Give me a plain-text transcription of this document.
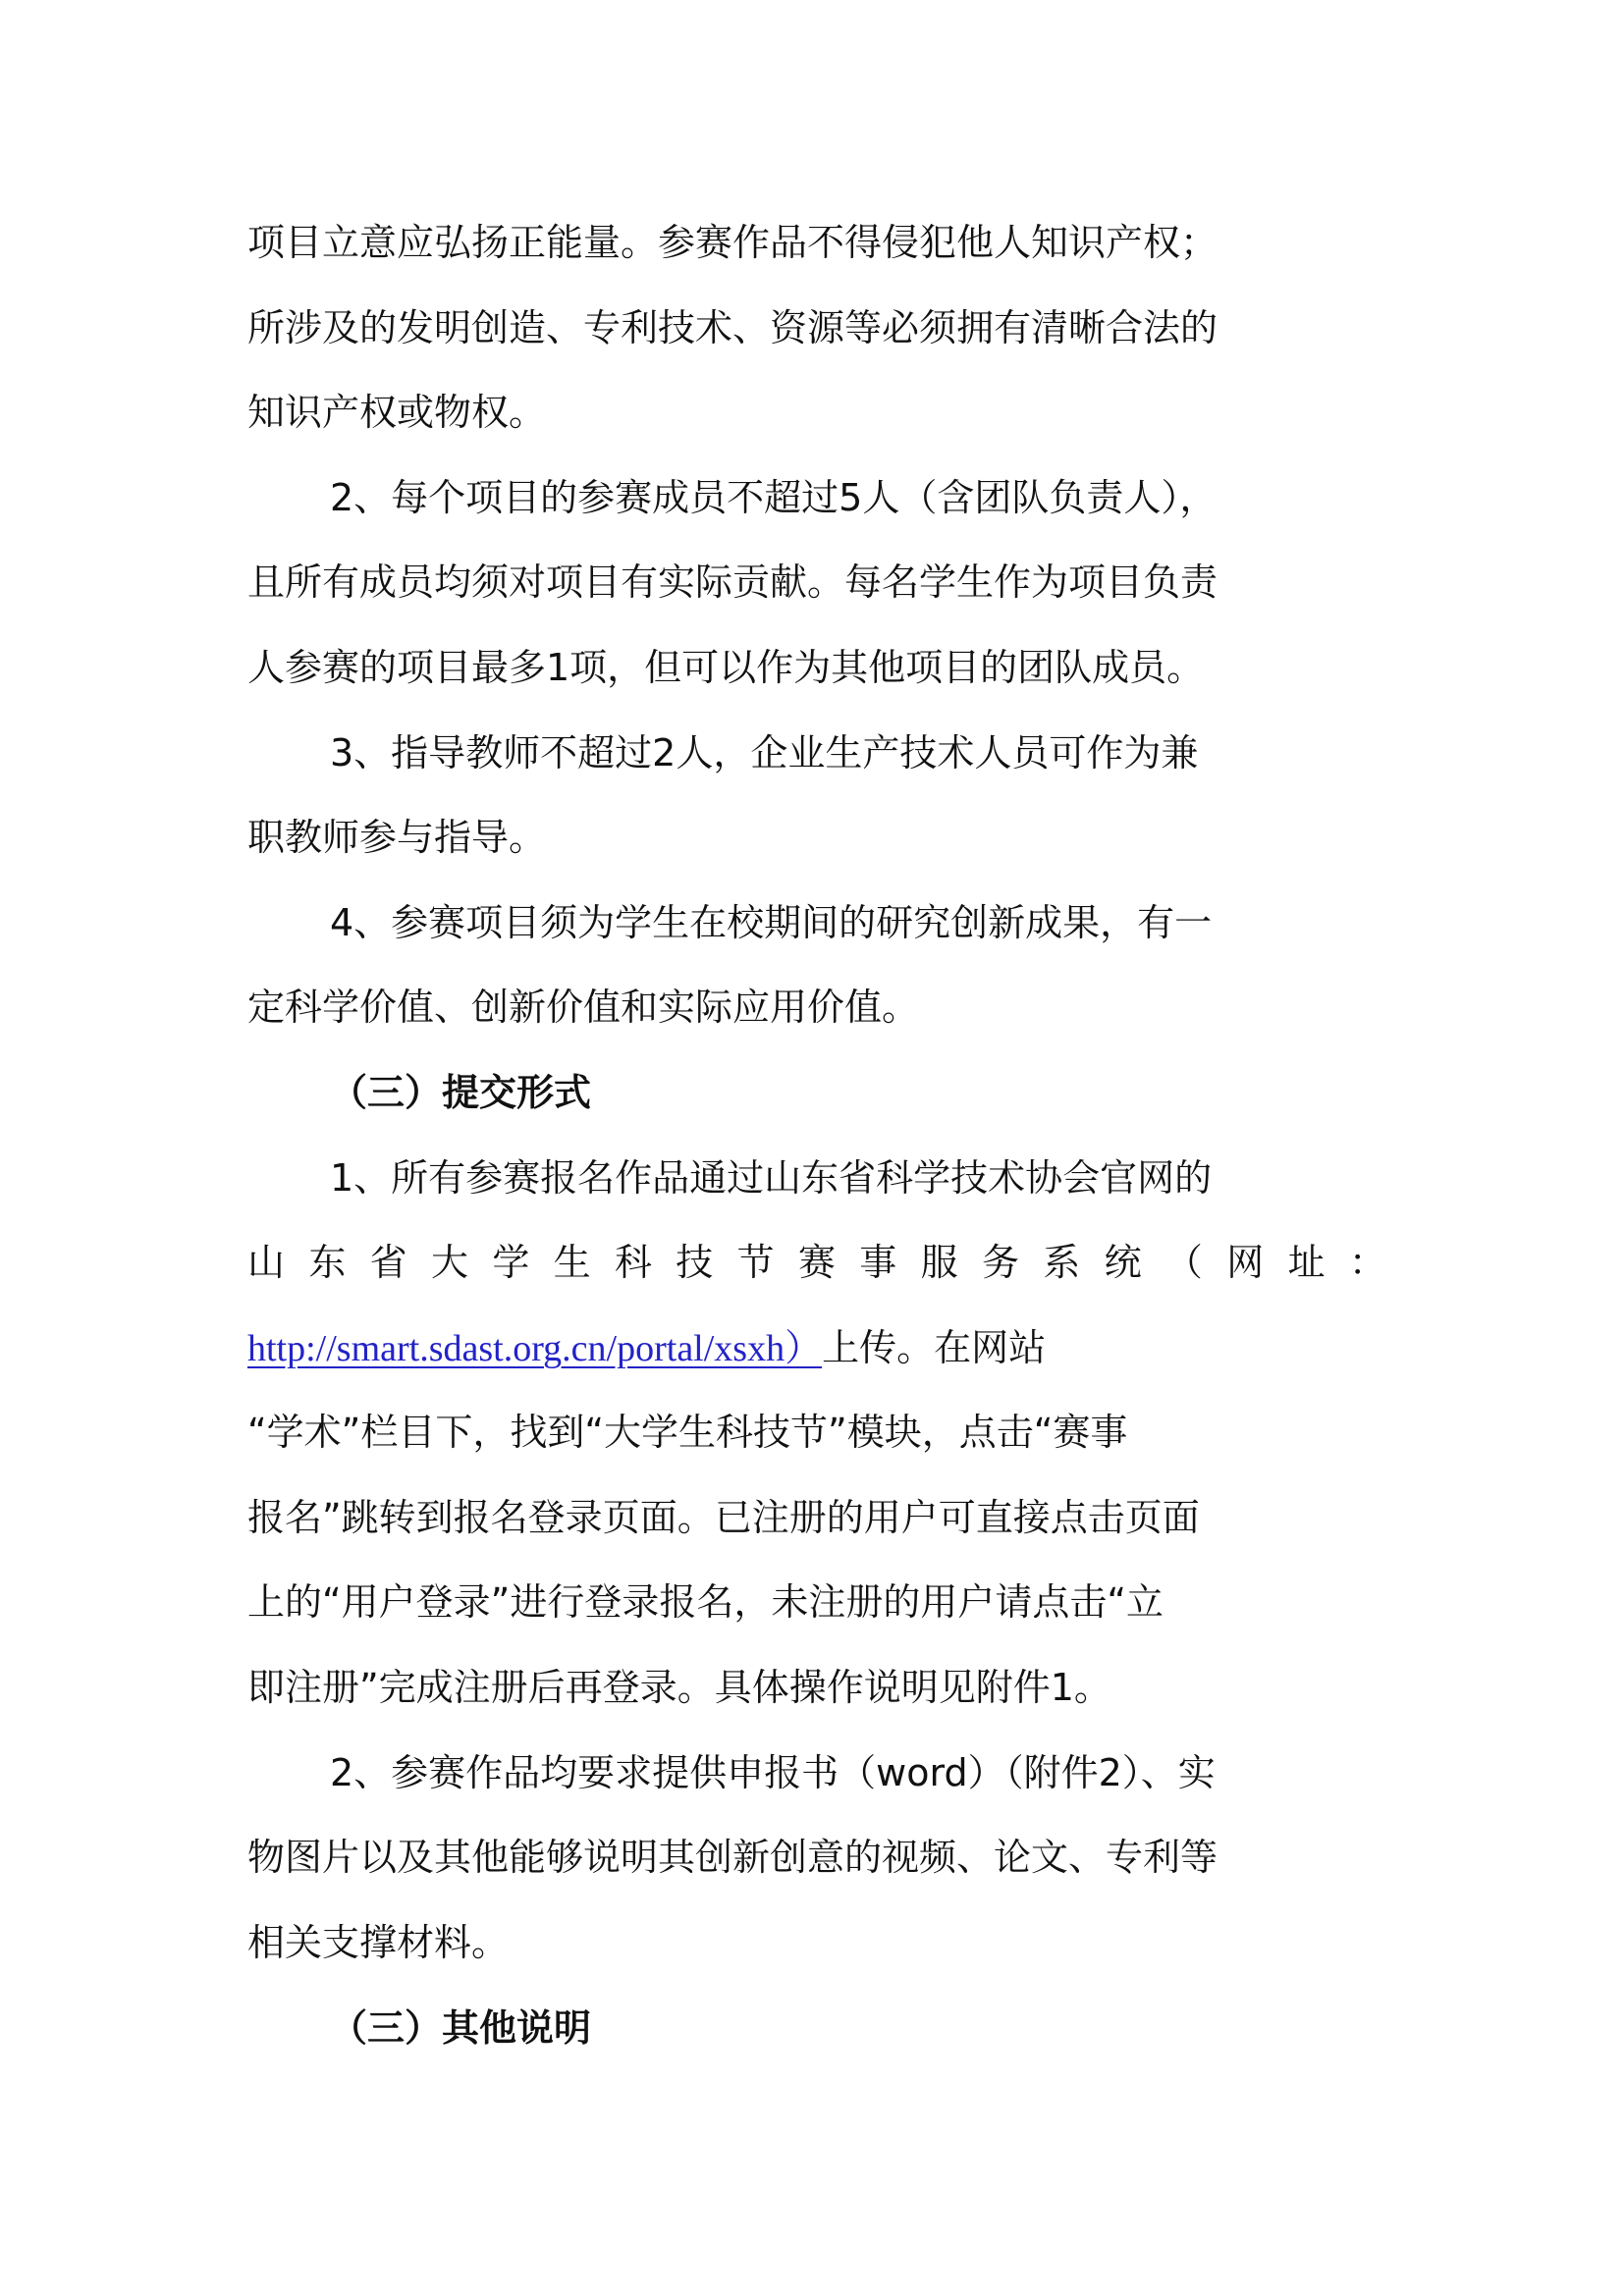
项目立意应弘扬正能量。参赛作品不得侵犯他人知识产权；
所涉及的发明创造、专利技术、资源等必须拥有清晰合法的
知识产权或物权。
2、每个项目的参赛成员不超过5人（含团队负责人），
且所有成员均须对项目有实际贡献。每名学生作为项目负责
人参赛的项目最多1项，但可以作为其他项目的团队成员。
3、指导教师不超过2人，企业生产技术人员可作为兼
职教师参与指导。
4、参赛项目须为学生在校期间的研究创新成果，有一
定科学价值、创新价值和实际应用价值。
（三）提交形式
1、所有参赛报名作品通过山东省科学技术协会官网的
山 东 省 大 学 生 科 技 节 赛 事 服 务 系 统 （ 网 址 ：
http://smart.sdast.org.cn/portal/xsxh）上传。在网站
“学术”栏目下，找到“大学生科技节”模块，点击“赛事
报名”跳转到报名登录页面。已注册的用户可直接点击页面
上的“用户登录”进行登录报名，未注册的用户请点击“立
即注册”完成注册后再登录。具体操作说明见附件1。
2、参赛作品均要求提供申报书（word）（附件2）、实
物图片以及其他能够说明其创新创意的视频、论文、专利等
相关支撑材料。
（三）其他说明
